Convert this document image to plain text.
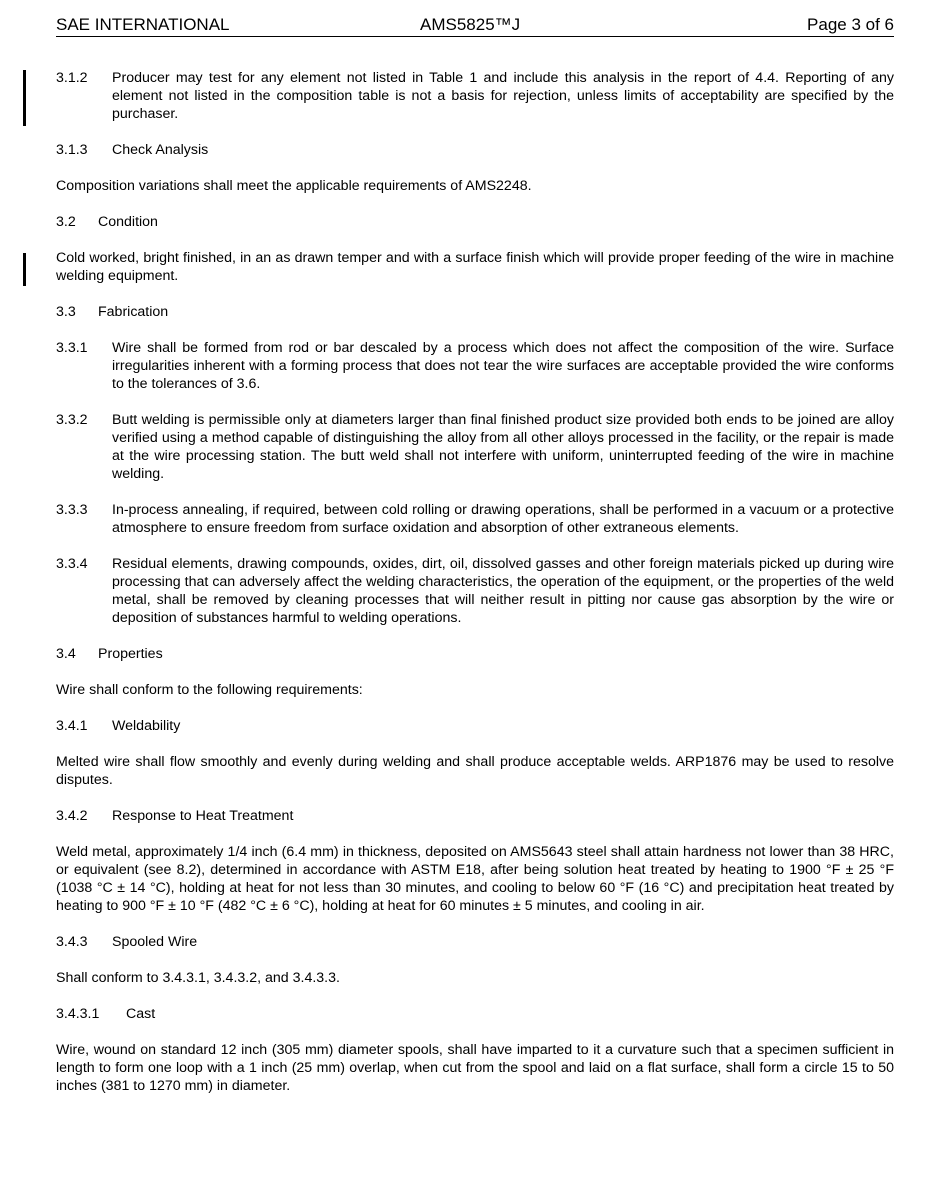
SAE INTERNATIONAL	AMS5825™J	Page 3 of 6
3.1.2	Producer may test for any element not listed in Table 1 and include this analysis in the report of 4.4. Reporting of any element not listed in the composition table is not a basis for rejection, unless limits of acceptability are specified by the purchaser.
3.1.3 Check Analysis

Composition variations shall meet the applicable requirements of AMS2248.

3.2 Condition

Cold worked, bright finished, in an as drawn temper and with a surface finish which will provide proper feeding of the wire in machine welding equipment.

3.3 Fabrication
3.3.1	Wire shall be formed from rod or bar descaled by a process which does not affect the composition of the wire. Surface irregularities inherent with a forming process that does not tear the wire surfaces are acceptable provided the wire conforms to the tolerances of 3.6.
3.3.2	Butt welding is permissible only at diameters larger than final finished product size provided both ends to be joined are alloy verified using a method capable of distinguishing the alloy from all other alloys processed in the facility, or the repair is made at the wire processing station. The butt weld shall not interfere with uniform, uninterrupted feeding of the wire in machine welding.
3.3.3	In-process annealing, if required, between cold rolling or drawing operations, shall be performed in a vacuum or a protective atmosphere to ensure freedom from surface oxidation and absorption of other extraneous elements.
3.3.4	Residual elements, drawing compounds, oxides, dirt, oil, dissolved gasses and other foreign materials picked up during wire processing that can adversely affect the welding characteristics, the operation of the equipment, or the properties of the weld metal, shall be removed by cleaning processes that will neither result in pitting nor cause gas absorption by the wire or deposition of substances harmful to welding operations.
3.4 Properties

Wire shall conform to the following requirements:

3.4.1 Weldability

Melted wire shall flow smoothly and evenly during welding and shall produce acceptable welds. ARP1876 may be used to resolve disputes.

3.4.2 Response to Heat Treatment

Weld metal, approximately 1/4 inch (6.4 mm) in thickness, deposited on AMS5643 steel shall attain hardness not lower than 38 HRC, or equivalent (see 8.2), determined in accordance with ASTM E18, after being solution heat treated by heating to 1900 °F ± 25 °F (1038 °C ± 14 °C), holding at heat for not less than 30 minutes, and cooling to below 60 °F (16 °C) and precipitation heat treated by heating to 900 °F ± 10 °F (482 °C ± 6 °C), holding at heat for 60 minutes ± 5 minutes, and cooling in air.

3.4.3 Spooled Wire

Shall conform to 3.4.3.1, 3.4.3.2, and 3.4.3.3.

3.4.3.1 Cast

Wire, wound on standard 12 inch (305 mm) diameter spools, shall have imparted to it a curvature such that a specimen sufficient in length to form one loop with a 1 inch (25 mm) overlap, when cut from the spool and laid on a flat surface, shall form a circle 15 to 50 inches (381 to 1270 mm) in diameter.
